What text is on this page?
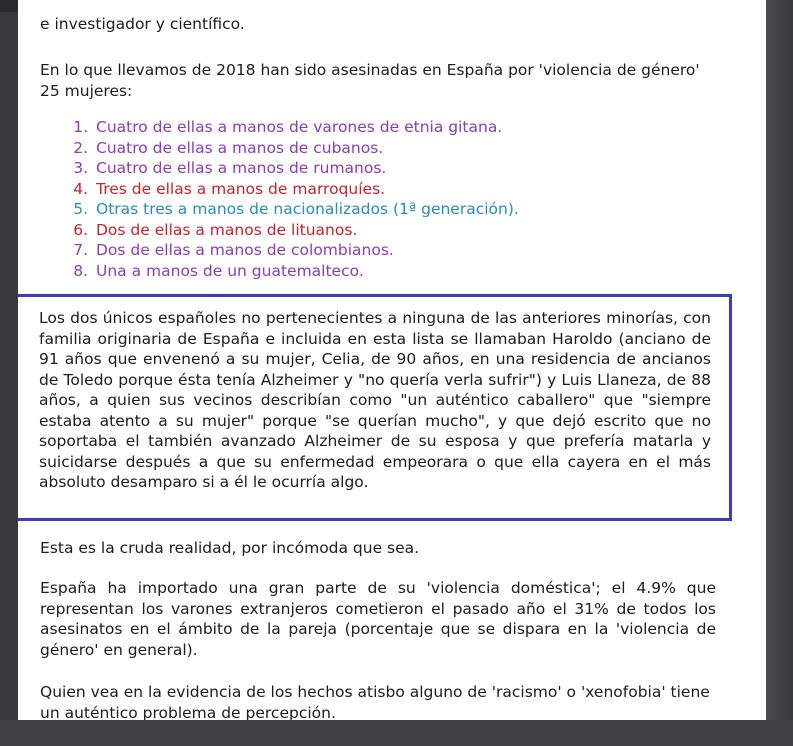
e investigador y científico.

En lo que llevamos de 2018 han sido asesinadas en España por 'violencia de género' 25 mujeres:

1. Cuatro de ellas a manos de varones de etnia gitana.
2. Cuatro de ellas a manos de cubanos.
3. Cuatro de ellas a manos de rumanos.
4. Tres de ellas a manos de marroquíes.
5. Otras tres a manos de nacionalizados (1ª generación).
6. Dos de ellas a manos de lituanos.
7. Dos de ellas a manos de colombianos.
8. Una a manos de un guatemalteco.

Los dos únicos españoles no pertenecientes a ninguna de las anteriores minorías, con familia originaria de España e incluida en esta lista se llamaban Haroldo (anciano de 91 años que envenenó a su mujer, Celia, de 90 años, en una residencia de ancianos de Toledo porque ésta tenía Alzheimer y "no quería verla sufrir") y Luis Llaneza, de 88 años, a quien sus vecinos describían como "un auténtico caballero" que "siempre estaba atento a su mujer" porque "se querían mucho", y que dejó escrito que no soportaba el también avanzado Alzheimer de su esposa y que prefería matarla y suicidarse después a que su enfermedad empeorara o que ella cayera en el más absoluto desamparo si a él le ocurría algo.

Esta es la cruda realidad, por incómoda que sea.

España ha importado una gran parte de su 'violencia doméstica'; el 4.9% que representan los varones extranjeros cometieron el pasado año el 31% de todos los asesinatos en el ámbito de la pareja (porcentaje que se dispara en la 'violencia de género' en general).

Quien vea en la evidencia de los hechos atisbo alguno de 'racismo' o 'xenofobia' tiene un auténtico problema de percepción.
